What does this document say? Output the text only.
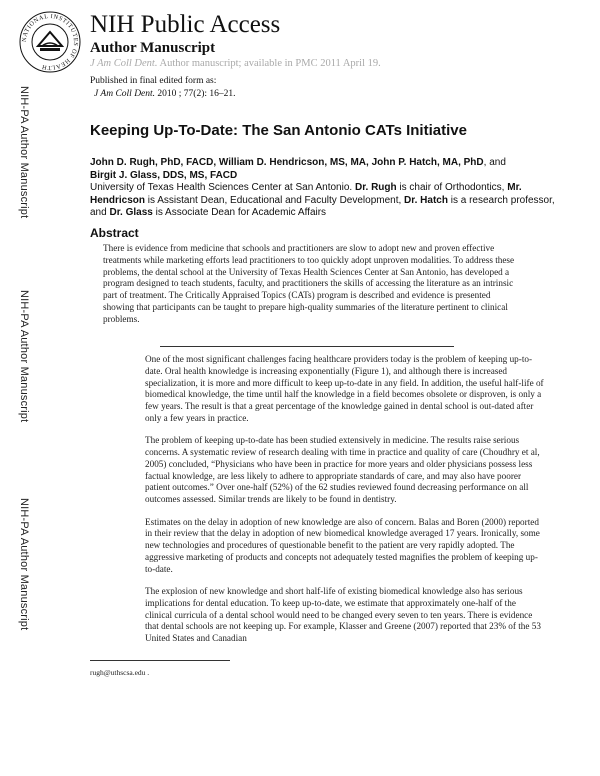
NATIONAL INSTITUTES OF HEALTH
NIH Public Access
Author Manuscript
J Am Coll Dent. Author manuscript; available in PMC 2011 April 19.
Published in final edited form as:
J Am Coll Dent. 2010 ; 77(2): 16–21.
NIH-PA Author Manuscript
NIH-PA Author Manuscript
NIH-PA Author Manuscript
Keeping Up-To-Date: The San Antonio CATs Initiative
John D. Rugh, PhD, FACD, William D. Hendricson, MS, MA, John P. Hatch, MA, PhD, and
Birgit J. Glass, DDS, MS, FACD
University of Texas Health Sciences Center at San Antonio. Dr. Rugh is chair of Orthodontics, Mr. Hendricson is Assistant Dean, Educational and Faculty Development, Dr. Hatch is a research professor, and Dr. Glass is Associate Dean for Academic Affairs
Abstract
There is evidence from medicine that schools and practitioners are slow to adopt new and proven effective treatments while marketing efforts lead practitioners to too quickly adopt unproven modalities. To address these problems, the dental school at the University of Texas Health Sciences Center at San Antonio, has developed a program designed to teach students, faculty, and practitioners the skills of accessing the literature as an intrinsic part of treatment. The Critically Appraised Topics (CATs) program is described and evidence is presented showing that participants can be taught to prepare high-quality summaries of the literature pertinent to clinical problems.

One of the most significant challenges facing healthcare providers today is the problem of keeping up-to-date. Oral health knowledge is increasing exponentially (Figure 1), and although there is increased specialization, it is more and more difficult to keep up-to-date in any field. In addition, the useful half-life of biomedical knowledge, the time until half the knowledge in a field becomes obsolete or disproven, is only a few years. The result is that a great percentage of the knowledge gained in dental school is out-dated after only a few years in practice.

The problem of keeping up-to-date has been studied extensively in medicine. The results raise serious concerns. A systematic review of research dealing with time in practice and quality of care (Choudhry et al, 2005) concluded, “Physicians who have been in practice for more years and older physicians possess less factual knowledge, are less likely to adhere to appropriate standards of care, and may also have poorer patient outcomes.” Over one-half (52%) of the 62 studies reviewed found decreasing performance on all outcomes assessed. Similar trends are likely to be found in dentistry.

Estimates on the delay in adoption of new knowledge are also of concern. Balas and Boren (2000) reported in their review that the delay in adoption of new biomedical knowledge averaged 17 years. Ironically, some new technologies and procedures of questionable benefit to the patient are very rapidly adopted. The aggressive marketing of products and concepts not adequately tested magnifies the problem of keeping up-to-date.

The explosion of new knowledge and short half-life of existing biomedical knowledge also has serious implications for dental education. To keep up-to-date, we estimate that approximately one-half of the clinical curricula of a dental school would need to be changed every seven to ten years. There is evidence that dental schools are not keeping up. For example, Klasser and Greene (2007) reported that 23% of the 53 United States and Canadian

rugh@uthscsa.edu .
